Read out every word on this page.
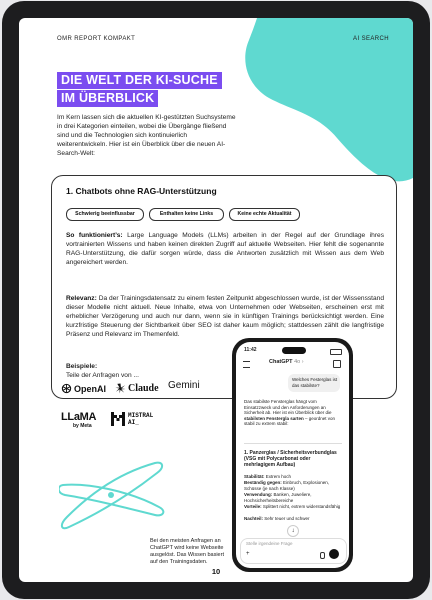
OMR REPORT KOMPAKT	AI SEARCH
DIE WELT DER KI-SUCHE
IM ÜBERBLICK
Im Kern lassen sich die aktuellen KI-gestützten Suchsysteme in drei Kategorien einteilen, wobei die Übergänge fließend sind und die Technologien sich kontinuierlich weiterentwickeln. Hier ist ein Überblick über die neuen AI-Search-Welt:
1. Chatbots ohne RAG-Unterstützung
Schwierig beeinflussbar	Enthalten keine Links	Keine echte Aktualität
So funktioniert’s: Large Language Models (LLMs) arbeiten in der Regel auf der Grundlage ihres vortrainierten Wissens und haben keinen direkten Zugriff auf aktuelle Webseiten. Hier fehlt die sogenannte RAG-Unterstützung, die dafür sorgen würde, dass die Antworten zusätzlich mit Wissen aus dem Web angereichert werden.
Relevanz: Da der Trainingsdatensatz zu einem festen Zeitpunkt abgeschlossen wurde, ist der Wissensstand dieser Modelle nicht aktuell. Neue Inhalte, etwa von Unternehmen oder Webseiten, erscheinen erst mit erheblicher Verzögerung und auch nur dann, wenn sie in künftigen Trainings berücksichtigt werden. Eine kurzfristige Steuerung der Sichtbarkeit über SEO ist daher kaum möglich; stattdessen zählt die langfristige Präsenz und Relevanz im Themenfeld.
Beispiele:
Teile der Anfragen von ...
OpenAI Claude Gemini
LLaMA
by Meta
MISTRAL
AI_
Bei den meisten Anfragen an ChatGPT wird keine Webseite ausgelöst. Das Wissen basiert auf den Trainingsdaten.
11:42
ChatGPT 4o ›
Welches Festerglas ist das stabilste?
Das stabilste Fensterglas hängt vom Einsatzzweck und den Anforderungen an Sicherheit ab. Hier ist ein Überblick über die stabilsten Fenstergla sarten – geordnet von stabil zu extrem stabil:
1. Panzerglas / Sicherheitsverbundglas (VSG mit Polycarbonat oder mehrlagigem Aufbau)
Stabilität: Extrem hoch
Beständig gegen: Einbruch, Explosionen, Schüsse (je nach Klasse)
Verwendung: Banken, Juweliere, Hochsicherheitsbereiche
Vorteile: Splittert nicht, extrem widerstandsfähig
Nachteil: Sehr teuer und schwer
↓
Stelle irgendeine Frage
+
10
